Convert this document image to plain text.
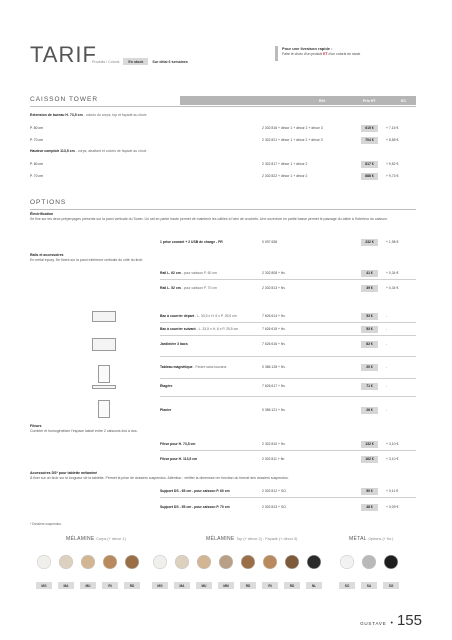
TARIF
Produits / Coloris	En stock	Sur délai 6 semaines
Pour une livraison rapide :
Faire le choix d’un produit ET d’un coloris en stock
CAISSON TOWER	Réf.	Prix HT	EC
Extension de bureau H. 73,5 cm - coloris du corps, top et façade au choix
P. 60 cm	2 302 816 + décor 1 + décor 2 + décor 3	615 €	+ 7,15 €
P. 70 cm	2 302 821 + décor 1 + décor 2 + décor 3	704 €	+ 8,58 €
Hauteur comptoir 113,5 cm - corps, abattant et coloris de façade au choix
P. 60 cm	2 302 817 + décor 1 + décor 2	817 €	+ 9,52 €
P. 70 cm	2 302 822 + décor 1 + décor 2	888 €	+ 9,73 €
OPTIONS
Électrification
Se fixe sur les deux préperçages présents sur la paroi verticale du Tower. Un rail en partie haute permet de maintenir les câbles à l’abri de crochets. Une ouverture en partie basse permet le passage du câble à l’intérieur du caisson.
1 prise courant + 2 USB de charge - FR	0 097 658	232 €	+ 1,98 €
Rails et accessoires
En métal époxy. Se fixent sur la paroi intérieure verticale du côté du tiroir.
Rail L. 62 cm - pour caisson P. 60 cm	2 302 808 + fin.	41 €	+ 0,34 €
Rail L. 52 cm - pour caisson P. 70 cm	2 302 813 + fin.	39 €	+ 0,34 €
Bac à courrier départ - L. 33,5 x H. 6 x P. 25,5 cm	7 626 614 + fin.	53 €	-
Bac à courrier suivant - L. 33,5 x H. 6 x P. 25,5 cm	7 626 615 + fin.	53 €	-
Jardinière 3 bacs	7 626 616 + fin.	82 €	-
Tableau magnétique - Feutre sans toucans	0 386 128 + fin.	20 €	-
Étagère	7 626 617 + fin.	71 €	-
Planier	0 386 121 + fin.	26 €	-
Fileurs
Combler et homogénéiser l’espace laissé entre 2 caissons dos à dos.
Fileur pour H. 73,5 cm	2 302 810 + fin.	132 €	+ 3,10 €
Fileur pour H. 113,5 cm	2 302 811 + fin.	162 €	+ 3,10 €
Accessoires DS* pour tablette mélaminé
À fixer sur un tiroir sur la longueur de la tablette. Permet la prise de dossiers suspendus. Attention : vérifier la dimension en fonction du format des dossiers suspendus.
Support DS - 65 cm - pour caisson P. 60 cm	2 302 812 + SO	50 €	+ 0,11 €
Support DS - 55 cm - pour caisson P. 70 cm	2 302 813 + SO	48 €	+ 0,09 €
* Dossiers suspendus.
MÉLAMINE Corps (+ décor 1)	MÉLAMINE Top (+ décor 2) - Façade (+ décor 3)	MÉTAL Options (+ fin.)
MG	MA	MU	RI	RD	MG	MA	MU	MM	RD	RI	RD	NL	SO	SA	SG
GUSTAVE • 155
